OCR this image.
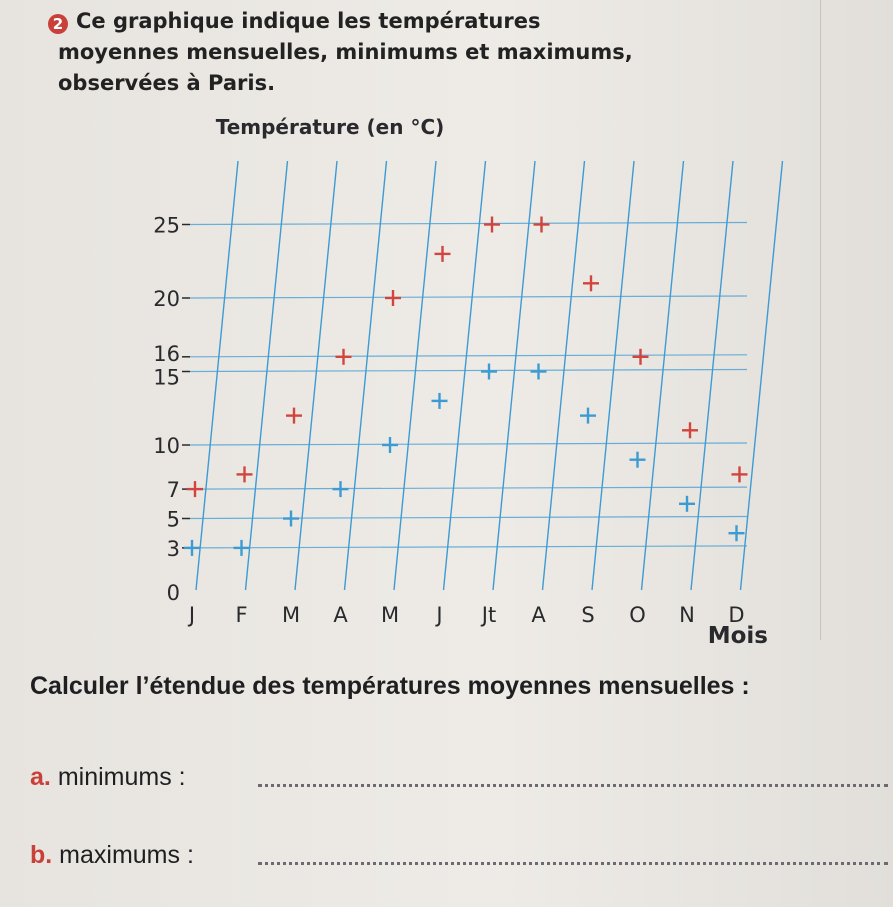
2 Ce graphique indique les températures
moyennes mensuelles, minimums et maximums,
observées à Paris.
0
3
5
7
10
15
16
20
25
J F M A M J Jt A S O N D
Température (en °C)
Mois
Calculer l’étendue des températures moyennes mensuelles :
a. minimums :
b. maximums :
